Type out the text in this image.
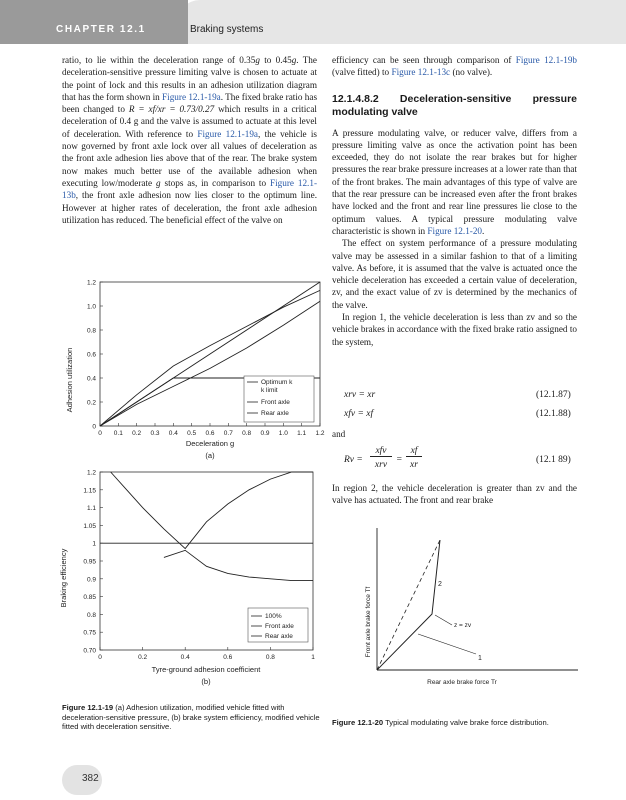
Braking systems
CHAPTER 12.1

ratio, to lie within the deceleration range of 0.35g to 0.45g. The deceleration-sensitive pressure limiting valve is chosen to actuate at the point of lock and this results in an adhesion utilization diagram that has the form shown in Figure 12.1-19a. The fixed brake ratio has been changed to R = xf/xr = 0.73/0.27 which results in a critical deceleration of 0.4 g and the valve is assumed to actuate at this level of deceleration. With reference to Figure 12.1-19a, the vehicle is now governed by front axle lock over all values of deceleration as the front axle adhesion lies above that of the rear. The brake system now makes much better use of the available adhesion when executing low/moderate g stops as, in comparison to Figure 12.1-13b, the front axle adhesion now lies closer to the optimum line. However at higher rates of deceleration, the front axle adhesion utilization has reduced. The beneficial effect of the valve on

Adhesion utilization
0
0.2
0.4
0.6
0.8
1.0
1.2
0 0.1 0.2 0.3 0.4 0.5 0.6 0.7 0.8 0.9 1.0 1.1 1.2
Optimum k
k limit
Front axle
Rear axle
Deceleration g
(a)
Braking efficiency
0.70
0.75
0.8
0.85
0.9
0.95
1
1.05
1.1
1.15
1.2
0	0.2	0.4	0.6	0.8	1
100%
Front axle
Rear axle
Tyre-ground adhesion coefficient
(b)
Figure 12.1-19 (a) Adhesion utilization, modified vehicle fitted with deceleration-sensitive pressure, (b) brake system efficiency, modified vehicle fitted with deceleration sensitive.
382

efficiency can be seen through comparison of Figure 12.1-19b (valve fitted) to Figure 12.1-13c (no valve).

12.1.4.8.2 Deceleration-sensitive pressure modulating valve

A pressure modulating valve, or reducer valve, differs from a pressure limiting valve as once the activation point has been exceeded, they do not isolate the rear brakes but for higher pressures the rear brake pressure increases at a lower rate than that of the front brakes. The main advantages of this type of valve are that the rear pressure can be increased even after the front brakes have locked and the front and rear line pressures lie close to the optimum values. A typical pressure modulating valve characteristic is shown in Figure 12.1-20.

The effect on system performance of a pressure modulating valve may be assessed in a similar fashion to that of a limiting valve. As before, it is assumed that the valve is actuated once the vehicle deceleration has exceeded a certain value of deceleration, zv, and the exact value of zv is determined by the mechanics of the valve.

In region 1, the vehicle deceleration is less than zv and so the vehicle brakes in accordance with the fixed brake ratio assigned to the system,

xrv = xr	(12.1.87)
xfv = xf	(12.1.88)
and
Rv =
xfv
xrv =
xf
xr	(12.1 89)
In region 2, the vehicle deceleration is greater than zv and the valve has actuated. The front and rear brake
Front axle brake force Tf
2
1
z = zv
Rear axle brake force Tr
Figure 12.1-20 Typical modulating valve brake force distribution.
